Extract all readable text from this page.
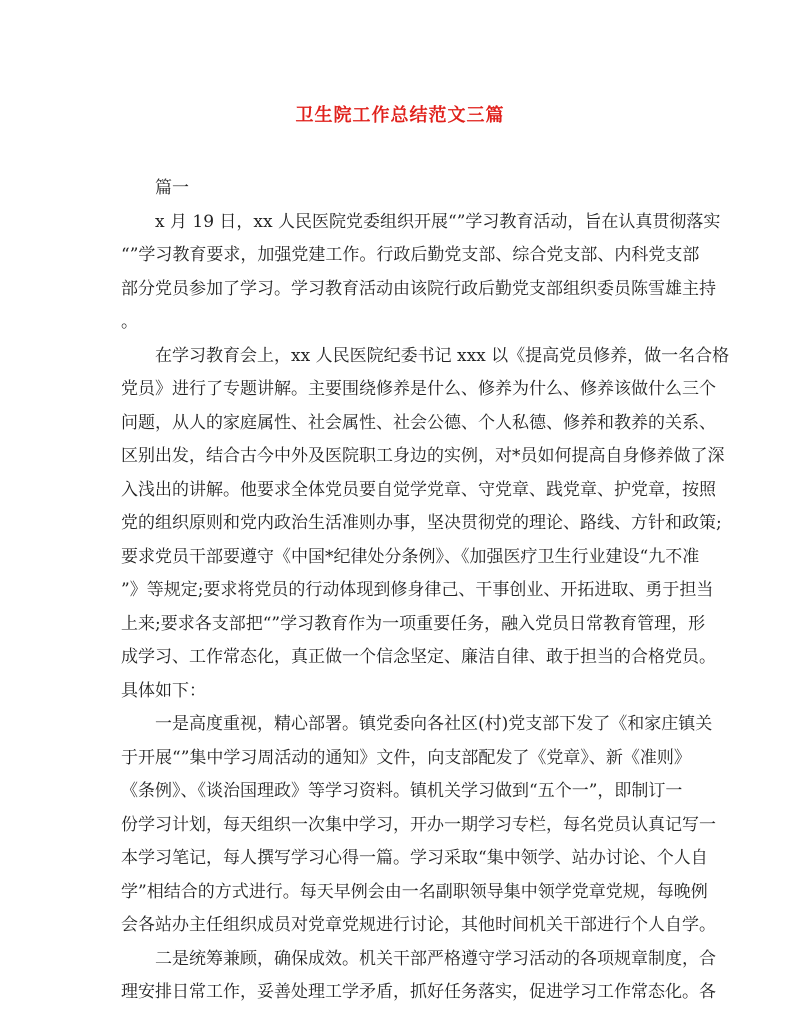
卫生院工作总结范文三篇
篇一
x 月 19 日，xx 人民医院党委组织开展“”学习教育活动，旨在认真贯彻落实
“”学习教育要求，加强党建工作。行政后勤党支部、综合党支部、内科党支部
部分党员参加了学习。学习教育活动由该院行政后勤党支部组织委员陈雪雄主持
。
在学习教育会上，xx 人民医院纪委书记 xxx 以《提高党员修养，做一名合格
党员》进行了专题讲解。主要围绕修养是什么、修养为什么、修养该做什么三个
问题，从人的家庭属性、社会属性、社会公德、个人私德、修养和教养的关系、
区别出发，结合古今中外及医院职工身边的实例，对*员如何提高自身修养做了深
入浅出的讲解。他要求全体党员要自觉学党章、守党章、践党章、护党章，按照
党的组织原则和党内政治生活准则办事，坚决贯彻党的理论、路线、方针和政策;
要求党员干部要遵守《中国*纪律处分条例》、《加强医疗卫生行业建设“九不准
”》等规定;要求将党员的行动体现到修身律己、干事创业、开拓进取、勇于担当
上来;要求各支部把“”学习教育作为一项重要任务，融入党员日常教育管理，形
成学习、工作常态化，真正做一个信念坚定、廉洁自律、敢于担当的合格党员。
具体如下：
一是高度重视，精心部署。镇党委向各社区(村)党支部下发了《和家庄镇关
于开展“”集中学习周活动的通知》文件，向支部配发了《党章》、新《准则》
《条例》、《谈治国理政》等学习资料。镇机关学习做到“五个一”，即制订一
份学习计划，每天组织一次集中学习，开办一期学习专栏，每名党员认真记写一
本学习笔记，每人撰写学习心得一篇。学习采取“集中领学、站办讨论、个人自
学”相结合的方式进行。每天早例会由一名副职领导集中领学党章党规，每晚例
会各站办主任组织成员对党章党规进行讨论，其他时间机关干部进行个人自学。
二是统筹兼顾，确保成效。机关干部严格遵守学习活动的各项规章制度，合
理安排日常工作，妥善处理工学矛盾，抓好任务落实，促进学习工作常态化。各
